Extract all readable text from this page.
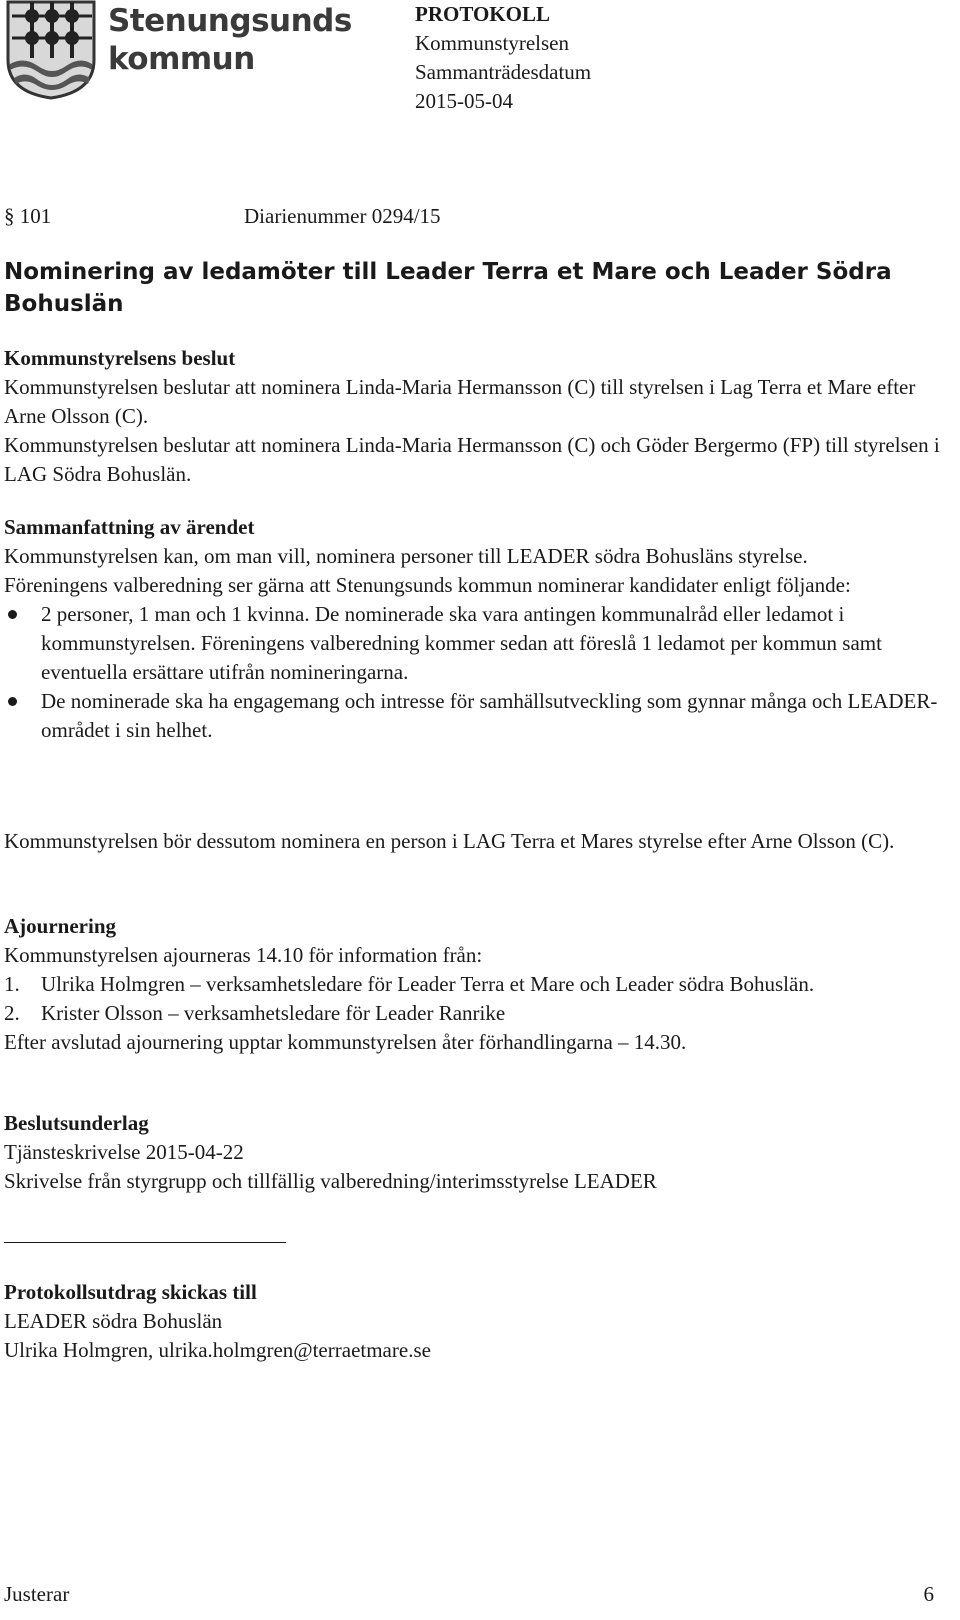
Stenungsunds
kommun
PROTOKOLL
Kommunstyrelsen
Sammanträdesdatum
2015-05-04
§ 101	Diarienummer 0294/15
Nominering av ledamöter till Leader Terra et Mare och Leader Södra Bohuslän

Kommunstyrelsens beslut

Kommunstyrelsen beslutar att nominera Linda-Maria Hermansson (C) till styrelsen i Lag Terra et Mare efter Arne Olsson (C).

Kommunstyrelsen beslutar att nominera Linda-Maria Hermansson (C) och Göder Bergermo (FP) till styrelsen i LAG Södra Bohuslän.

Sammanfattning av ärendet

Kommunstyrelsen kan, om man vill, nominera personer till LEADER södra Bohusläns styrelse.

Föreningens valberedning ser gärna att Stenungsunds kommun nominerar kandidater enligt följande:

2 personer, 1 man och 1 kvinna. De nominerade ska vara antingen kommunalråd eller ledamot i kommunstyrelsen. Föreningens valberedning kommer sedan att föreslå 1 ledamot per kommun samt eventuella ersättare utifrån nomineringarna.
De nominerade ska ha engagemang och intresse för samhällsutveckling som gynnar många och LEADER-området i sin helhet.

Kommunstyrelsen bör dessutom nominera en person i LAG Terra et Mares styrelse efter Arne Olsson (C).

Ajournering

Kommunstyrelsen ajourneras 14.10 för information från:

1. Ulrika Holmgren – verksamhetsledare för Leader Terra et Mare och Leader södra Bohuslän.
2. Krister Olsson – verksamhetsledare för Leader Ranrike

Efter avslutad ajournering upptar kommunstyrelsen åter förhandlingarna – 14.30.

Beslutsunderlag

Tjänsteskrivelse 2015-04-22

Skrivelse från styrgrupp och tillfällig valberedning/interimsstyrelse LEADER

Protokollsutdrag skickas till

LEADER södra Bohuslän

Ulrika Holmgren, ulrika.holmgren@terraetmare.se

Justerar	6
